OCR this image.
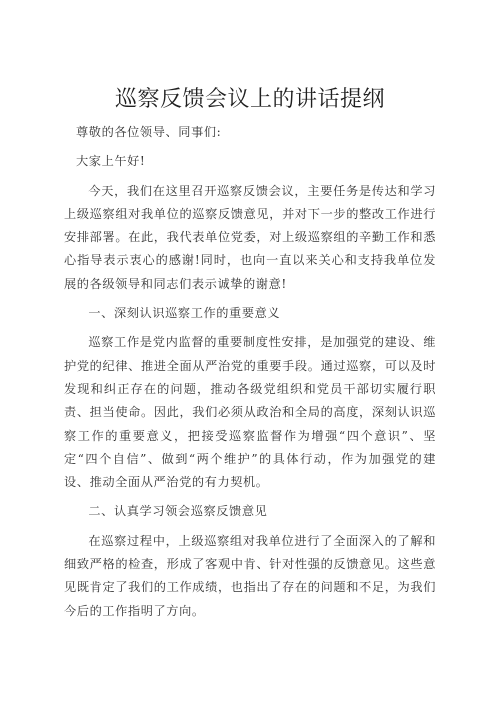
巡察反馈会议上的讲话提纲

尊敬的各位领导、同事们:

大家上午好!

今天，我们在这里召开巡察反馈会议，主要任务是传达和学习上级巡察组对我单位的巡察反馈意见，并对下一步的整改工作进行安排部署。在此，我代表单位党委，对上级巡察组的辛勤工作和悉心指导表示衷心的感谢!同时，也向一直以来关心和支持我单位发展的各级领导和同志们表示诚挚的谢意!

一、深刻认识巡察工作的重要意义

巡察工作是党内监督的重要制度性安排，是加强党的建设、维护党的纪律、推进全面从严治党的重要手段。通过巡察，可以及时发现和纠正存在的问题，推动各级党组织和党员干部切实履行职责、担当使命。因此，我们必须从政治和全局的高度，深刻认识巡察工作的重要意义，把接受巡察监督作为增强“四个意识”、坚定“四个自信”、做到“两个维护”的具体行动，作为加强党的建设、推动全面从严治党的有力契机。

二、认真学习领会巡察反馈意见

在巡察过程中，上级巡察组对我单位进行了全面深入的了解和细致严格的检查，形成了客观中肯、针对性强的反馈意见。这些意见既肯定了我们的工作成绩，也指出了存在的问题和不足，为我们今后的工作指明了方向。
